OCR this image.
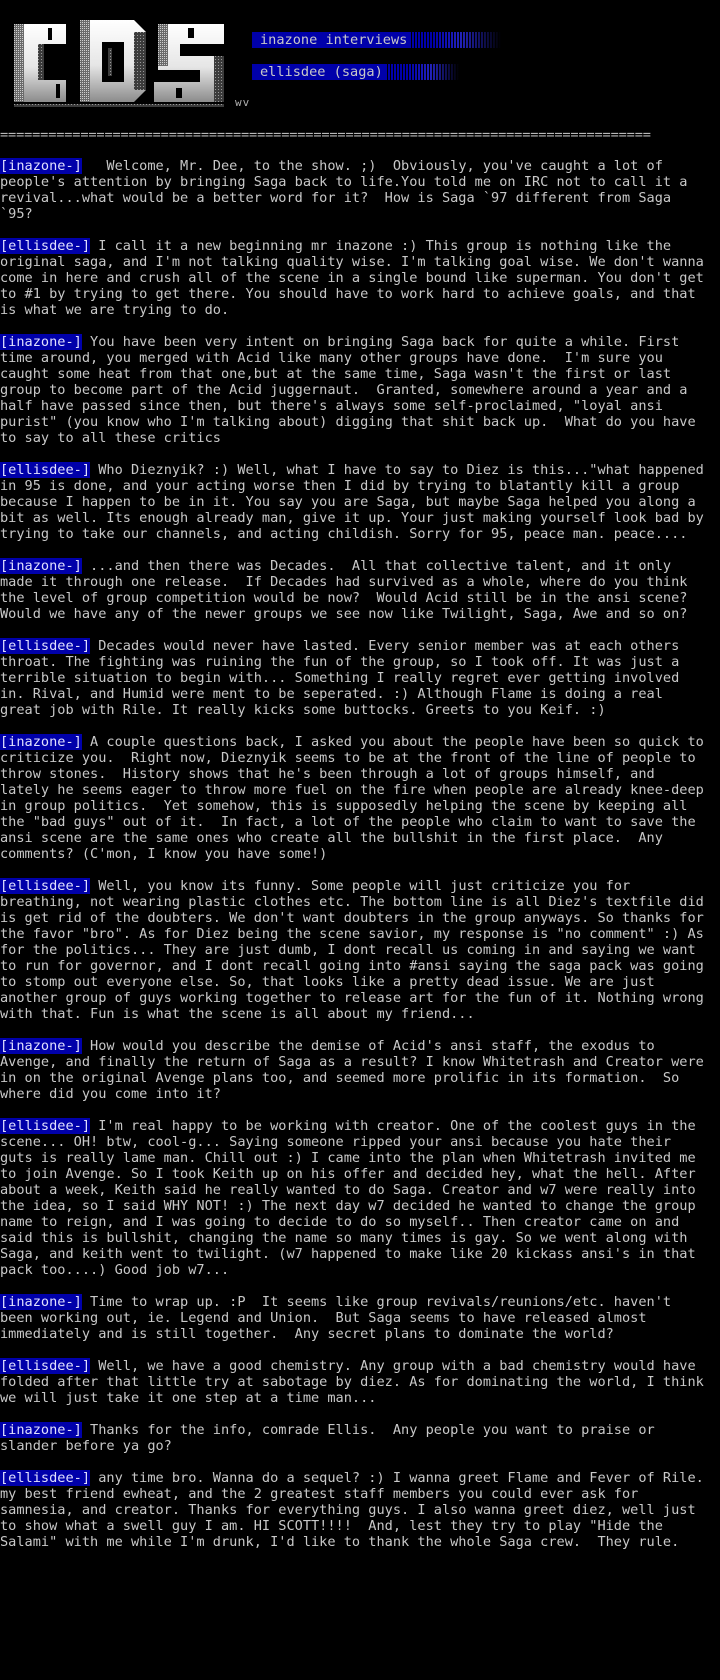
wv
inazone interviews
ellisdee (saga)
=================================================================================

[inazone-]   Welcome, Mr. Dee, to the show. ;)  Obviously, you've caught a lot of people's attention by bringing Saga back to life.You told me on IRC not to call it a revival...what would be a better word for it?  How is Saga `97 different from Saga `95?

[ellisdee-] I call it a new beginning mr inazone :) This group is nothing like the original saga, and I'm not talking quality wise. I'm talking goal wise. We don't wanna come in here and crush all of the scene in a single bound like superman. You don't get to #1 by trying to get there. You should have to work hard to achieve goals, and that is what we are trying to do.

[inazone-] You have been very intent on bringing Saga back for quite a while. First time around, you merged with Acid like many other groups have done.  I'm sure you caught some heat from that one,but at the same time, Saga wasn't the first or last group to become part of the Acid juggernaut.  Granted, somewhere around a year and a half have passed since then, but there's always some self-proclaimed, "loyal ansi purist" (you know who I'm talking about) digging that shit back up.  What do you have to say to all these critics

[ellisdee-] Who Dieznyik? :) Well, what I have to say to Diez is this..."what happened in 95 is done, and your acting worse then I did by trying to blatantly kill a group because I happen to be in it. You say you are Saga, but maybe Saga helped you along a bit as well. Its enough already man, give it up. Your just making yourself look bad by trying to take our channels, and acting childish. Sorry for 95, peace man. peace....

[inazone-] ...and then there was Decades.  All that collective talent, and it only made it through one release.  If Decades had survived as a whole, where do you think the level of group competition would be now?  Would Acid still be in the ansi scene?  Would we have any of the newer groups we see now like Twilight, Saga, Awe and so on?

[ellisdee-] Decades would never have lasted. Every senior member was at each others throat. The fighting was ruining the fun of the group, so I took off. It was just a terrible situation to begin with... Something I really regret ever getting involved in. Rival, and Humid were ment to be seperated. :) Although Flame is doing a real great job with Rile. It really kicks some buttocks. Greets to you Keif. :)

[inazone-] A couple questions back, I asked you about the people have been so quick to criticize you.  Right now, Dieznyik seems to be at the front of the line of people to throw stones.  History shows that he's been through a lot of groups himself, and lately he seems eager to throw more fuel on the fire when people are already knee-deep in group politics.  Yet somehow, this is supposedly helping the scene by keeping all the "bad guys" out of it.  In fact, a lot of the people who claim to want to save the ansi scene are the same ones who create all the bullshit in the first place.  Any comments? (C'mon, I know you have some!)

[ellisdee-] Well, you know its funny. Some people will just criticize you for breathing, not wearing plastic clothes etc. The bottom line is all Diez's textfile did is get rid of the doubters. We don't want doubters in the group anyways. So thanks for the favor "bro". As for Diez being the scene savior, my response is "no comment" :) As for the politics... They are just dumb, I dont recall us coming in and saying we want to run for governor, and I dont recall going into #ansi saying the saga pack was going to stomp out everyone else. So, that looks like a pretty dead issue. We are just another group of guys working together to release art for the fun of it. Nothing wrong with that. Fun is what the scene is all about my friend...

[inazone-] How would you describe the demise of Acid's ansi staff, the exodus to Avenge, and finally the return of Saga as a result? I know Whitetrash and Creator were in on the original Avenge plans too, and seemed more prolific in its formation.  So where did you come into it?

[ellisdee-] I'm real happy to be working with creator. One of the coolest guys in the scene... OH! btw, cool-g... Saying someone ripped your ansi because you hate their guts is really lame man. Chill out :) I came into the plan when Whitetrash invited me to join Avenge. So I took Keith up on his offer and decided hey, what the hell. After about a week, Keith said he really wanted to do Saga. Creator and w7 were really into the idea, so I said WHY NOT! :) The next day w7 decided he wanted to change the group name to reign, and I was going to decide to do so myself.. Then creator came on and said this is bullshit, changing the name so many times is gay. So we went along with Saga, and keith went to twilight. (w7 happened to make like 20 kickass ansi's in that pack too....) Good job w7...

[inazone-] Time to wrap up. :P  It seems like group revivals/reunions/etc. haven't been working out, ie. Legend and Union.  But Saga seems to have released almost immediately and is still together.  Any secret plans to dominate the world?

[ellisdee-] Well, we have a good chemistry. Any group with a bad chemistry would have folded after that little try at sabotage by diez. As for dominating the world, I think we will just take it one step at a time man...

[inazone-] Thanks for the info, comrade Ellis.  Any people you want to praise or slander before ya go?

[ellisdee-] any time bro. Wanna do a sequel? :) I wanna greet Flame and Fever of Rile. my best friend ewheat, and the 2 greatest staff members you could ever ask for samnesia, and creator. Thanks for everything guys. I also wanna greet diez, well just to show what a swell guy I am. HI SCOTT!!!!  And, lest they try to play "Hide the Salami" with me while I'm drunk, I'd like to thank the whole Saga crew.  They rule.
